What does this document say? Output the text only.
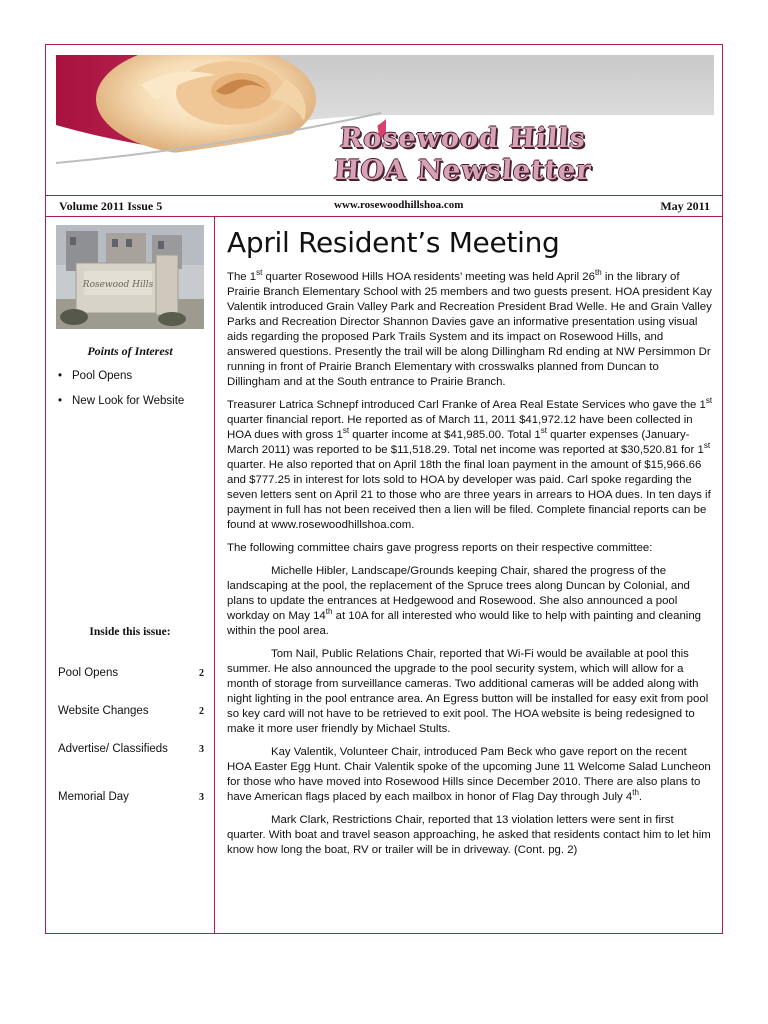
Rosewood Hills
HOA Newsletter
Volume 2011 Issue 5	www.rosewoodhillshoa.com	May 2011
Rosewood Hills
Points of Interest
• Pool Opens
• New Look for Website
Inside this issue:
Pool Opens	2
Website Changes	2
Advertise/ Classifieds	3
Memorial Day	3
April Resident’s Meeting

The 1st quarter Rosewood Hills HOA residents’ meeting was held April 26th in the library of Prairie Branch Elementary School with 25 members and two guests present. HOA president Kay Valentik introduced Grain Valley Park and Recreation President Brad Welle. He and Grain Valley Parks and Recreation Director Shannon Davies gave an informative presentation using visual aids regarding the proposed Park Trails System and its impact on Rosewood Hills, and answered questions. Presently the trail will be along Dillingham Rd ending at NW Persimmon Dr running in front of Prairie Branch Elementary with crosswalks planned from Duncan to Dillingham and at the South entrance to Prairie Branch.

Treasurer Latrica Schnepf introduced Carl Franke of Area Real Estate Services who gave the 1st quarter financial report. He reported as of March 11, 2011 $41,972.12 have been collected in HOA dues with gross 1st quarter income at $41,985.00. Total 1st quarter expenses (January-March 2011) was reported to be $11,518.29. Total net income was reported at $30,520.81 for 1st quarter. He also reported that on April 18th the final loan payment in the amount of $15,966.66 and $777.25 in interest for lots sold to HOA by developer was paid. Carl spoke regarding the seven letters sent on April 21 to those who are three years in arrears to HOA dues. In ten days if payment in full has not been received then a lien will be filed. Complete financial reports can be found at www.rosewoodhillshoa.com.

The following committee chairs gave progress reports on their respective committee:

Michelle Hibler, Landscape/Grounds keeping Chair, shared the progress of the landscaping at the pool, the replacement of the Spruce trees along Duncan by Colonial, and plans to update the entrances at Hedgewood and Rosewood. She also announced a pool workday on May 14th at 10A for all interested who would like to help with painting and cleaning within the pool area.

Tom Nail, Public Relations Chair, reported that Wi-Fi would be available at pool this summer. He also announced the upgrade to the pool security system, which will allow for a month of storage from surveillance cameras. Two additional cameras will be added along with night lighting in the pool entrance area. An Egress button will be installed for easy exit from pool so key card will not have to be retrieved to exit pool. The HOA website is being redesigned to make it more user friendly by Michael Stults.

Kay Valentik, Volunteer Chair, introduced Pam Beck who gave report on the recent HOA Easter Egg Hunt. Chair Valentik spoke of the upcoming June 11 Welcome Salad Luncheon for those who have moved into Rosewood Hills since December 2010. There are also plans to have American flags placed by each mailbox in honor of Flag Day through July 4th.

Mark Clark, Restrictions Chair, reported that 13 violation letters were sent in first quarter. With boat and travel season approaching, he asked that residents contact him to let him know how long the boat, RV or trailer will be in driveway. (Cont. pg. 2)
